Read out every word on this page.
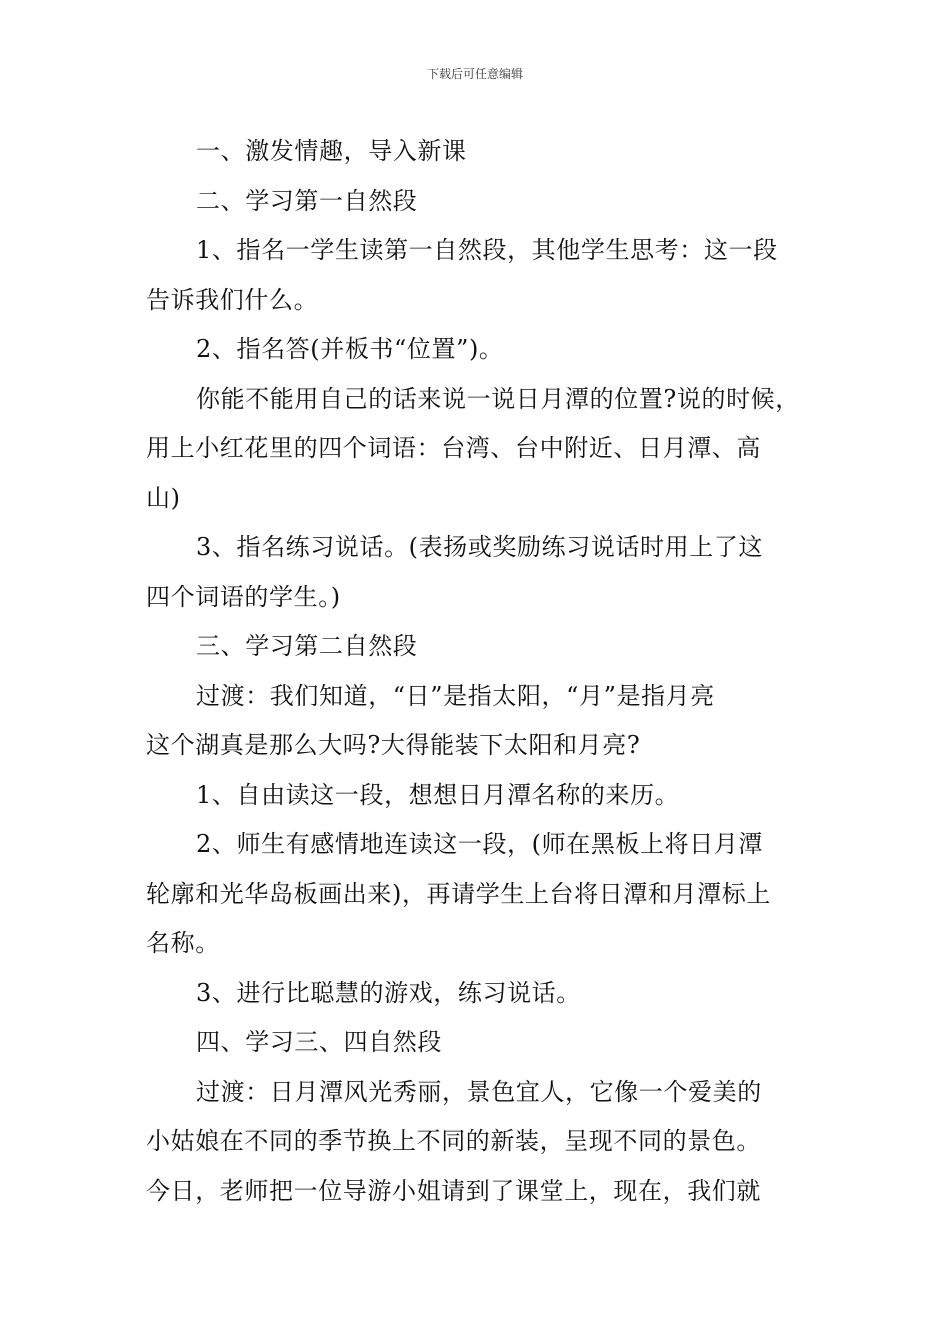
下载后可任意编辑

一、激发情趣，导入新课

二、学习第一自然段

1、指名一学生读第一自然段，其他学生思考：这一段

告诉我们什么。

2、指名答(并板书“位置”)。

你能不能用自己的话来说一说日月潭的位置?说的时候，

用上小红花里的四个词语：台湾、台中附近、日月潭、高

山)

3、指名练习说话。(表扬或奖励练习说话时用上了这

四个词语的学生。)

三、学习第二自然段

过渡：我们知道，“日”是指太阳，“月”是指月亮

这个湖真是那么大吗?大得能装下太阳和月亮?

1、自由读这一段，想想日月潭名称的来历。

2、师生有感情地连读这一段，(师在黑板上将日月潭

轮廓和光华岛板画出来)，再请学生上台将日潭和月潭标上

名称。

3、进行比聪慧的游戏，练习说话。

四、学习三、四自然段

过渡：日月潭风光秀丽，景色宜人，它像一个爱美的

小姑娘在不同的季节换上不同的新装，呈现不同的景色。

今日，老师把一位导游小姐请到了课堂上，现在，我们就
